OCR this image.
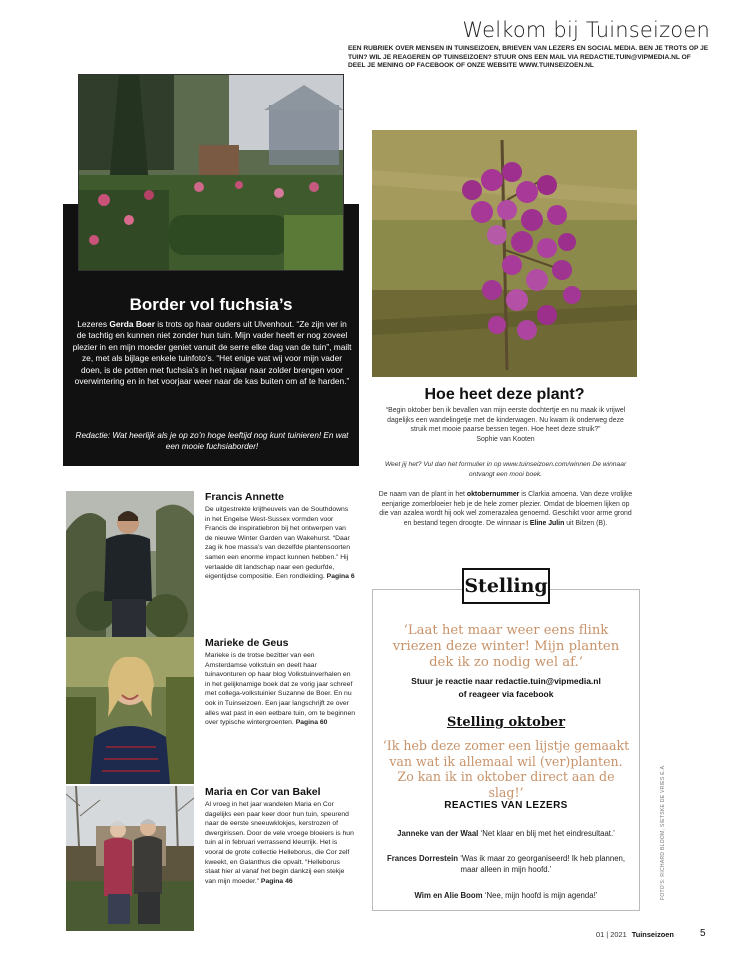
Welkom bij Tuinseizoen
EEN RUBRIEK OVER MENSEN IN TUINSEIZOEN, BRIEVEN VAN LEZERS EN SOCIAL MEDIA. BEN JE TROTS OP JE TUIN? WIL JE REAGEREN OP TUINSEIZOEN? STUUR ONS EEN MAIL VIA REDACTIE.TUIN@VIPMEDIA.NL OF DEEL JE MENING OP FACEBOOK OF ONZE WEBSITE WWW.TUINSEIZOEN.NL
Border vol fuchsia’s
Lezeres Gerda Boer is trots op haar ouders uit Ulvenhout. “Ze zijn ver in de tachtig en kunnen niet zonder hun tuin. Mijn vader heeft er nog zoveel plezier in en mijn moeder geniet vanuit de serre elke dag van de tuin”, mailt ze, met als bijlage enkele tuinfoto’s. “Het enige wat wij voor mijn vader doen, is de potten met fuchsia’s in het najaar naar zolder brengen voor overwintering en in het voorjaar weer naar de kas buiten om af te harden.”
Redactie: Wat heerlijk als je op zo’n hoge leeftijd nog kunt tuinieren! En wat een mooie fuchsiaborder!
Hoe heet deze plant?
“Begin oktober ben ik bevallen van mijn eerste dochtertje en nu maak ik vrijwel dagelijks een wandelingetje met de kinderwagen. Nu kwam ik onderweg deze struik met mooie paarse bessen tegen. Hoe heet deze struik?”
Sophie van Kooten
Weet jij het? Vul dan het formulier in op www.tuinseizoen.com/winnen De winnaar ontvangt een mooi boek.
De naam van de plant in het oktobernummer is Clarkia amoena. Van deze vrolijke eenjarige zomerbloeier heb je de hele zomer plezier. Omdat de bloemen lijken op die van azalea wordt hij ook wel zomerazalea genoemd. Geschikt voor arme grond en bestand tegen droogte. De winnaar is Eline Julin uit Bilzen (B).
Francis Annette
De uitgestrekte krijtheuvels van de Southdowns in het Engelse West-Sussex vormden voor Francis de inspiratiebron bij het ontwerpen van de nieuwe Winter Garden van Wakehurst. “Daar zag ik hoe massa’s van dezelfde plantensoorten samen een enorme impact kunnen hebben.” Hij vertaalde dit landschap naar een gedurfde, eigentijdse compositie. Een rondleiding. Pagina 6
Marieke de Geus
Marieke is de trotse bezitter van een Amsterdamse volkstuin en deelt haar tuinavonturen op haar blog Volkstuinverhalen en in het gelijknamige boek dat ze vorig jaar schreef met collega-volkstuinier Suzanne de Boer. En nu ook in Tuinseizoen. Een jaar langschrijft ze over alles wat past in een eetbare tuin, om te beginnen over typische wintergroenten. Pagina 60
Maria en Cor van Bakel
Al vroeg in het jaar wandelen Maria en Cor dagelijks een paar keer door hun tuin, speurend naar de eerste sneeuwklokjes, kerstrozen of dwergirissen. Door de vele vroege bloeiers is hun tuin al in februari verrassend kleurrijk. Het is vooral de grote collectie Helleborus, die Cor zelf kweekt, en Galanthus die opvalt. “Helleborus staat hier al vanaf het begin dankzij een stekje van mijn moeder.” Pagina 46
Stelling
‘Laat het maar weer eens flink vriezen deze winter! Mijn planten dek ik zo nodig wel af.’
Stuur je reactie naar redactie.tuin@vipmedia.nl
of reageer via facebook
Stelling oktober
‘Ik heb deze zomer een lijstje gemaakt van wat ik allemaal wil (ver)planten. Zo kan ik in oktober direct aan de slag!’
REACTIES VAN LEZERS
Janneke van der Waal ‘Net klaar en blij met het eindresultaat.’
Frances Dorrestein ‘Was ik maar zo georganiseerd! Ik heb plannen, maar alleen in mijn hoofd.’
Wim en Alie Boom ‘Nee, mijn hoofd is mijn agenda!’	FOTO’S: RICHARD BLOOM, SIETSKE DE VRIES E.A.
01 | 2021 Tuinseizoen	5
